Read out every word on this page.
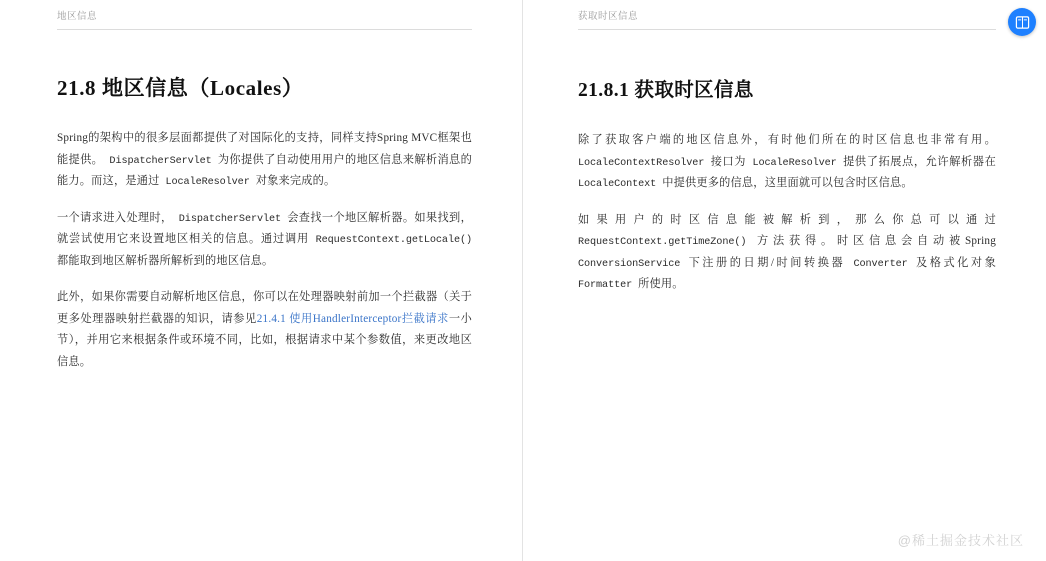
地区信息
21.8 地区信息（Locales）

Spring的架构中的很多层面都提供了对国际化的支持，同样支持Spring MVC框架也能提供。 DispatcherServlet 为你提供了自动使用用户的地区信息来解析消息的能力。而这，是通过 LocaleResolver 对象来完成的。

一个请求进入处理时， DispatcherServlet 会查找一个地区解析器。如果找到，就尝试使用它来设置地区相关的信息。通过调用 RequestContext.getLocale() 都能取到地区解析器所解析到的地区信息。

此外，如果你需要自动解析地区信息，你可以在处理器映射前加一个拦截器（关于更多处理器映射拦截器的知识，请参见21.4.1 使用HandlerInterceptor拦截请求一小节），并用它来根据条件或环境不同，比如，根据请求中某个参数值，来更改地区信息。

获取时区信息
21.8.1 获取时区信息

除了获取客户端的地区信息外，有时他们所在的时区信息也非常有用。 LocaleContextResolver 接口为 LocaleResolver 提供了拓展点，允许解析器在 LocaleContext 中提供更多的信息，这里面就可以包含时区信息。

如果用户的时区信息能被解析到，那么你总可以通过 RequestContext.getTimeZone() 方法获得。时区信息会自动被Spring ConversionService 下注册的日期/时间转换器 Converter 及格式化对象 Formatter 所使用。

@稀土掘金技术社区
